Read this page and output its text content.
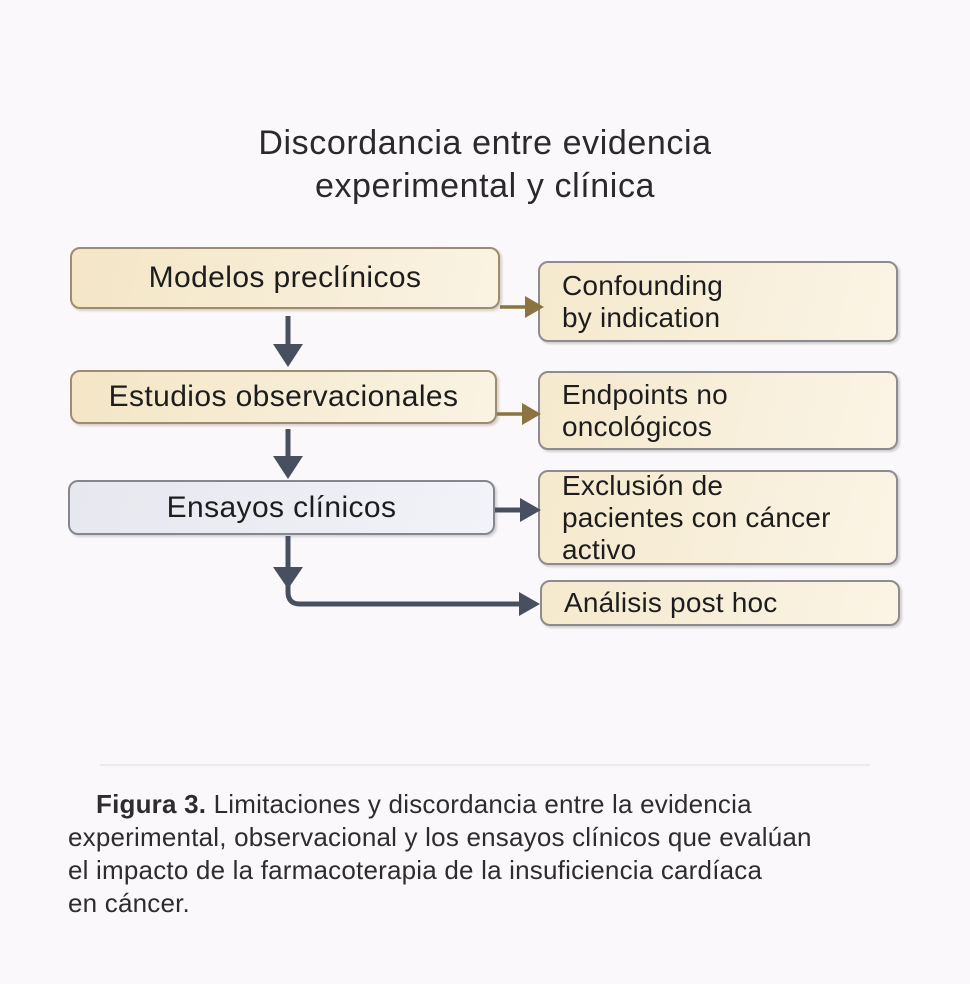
Discordancia entre evidencia
experimental y clínica
Modelos preclínicos
Estudios observacionales
Ensayos clínicos
Confounding
by indication
Endpoints no
oncológicos
Exclusión de
pacientes con cáncer
activo
Análisis post hoc

Figura 3. Limitaciones y discordancia entre la evidencia

experimental, observacional y los ensayos clínicos que evalúan

el impacto de la farmacoterapia de la insuficiencia cardíaca

en cáncer.
